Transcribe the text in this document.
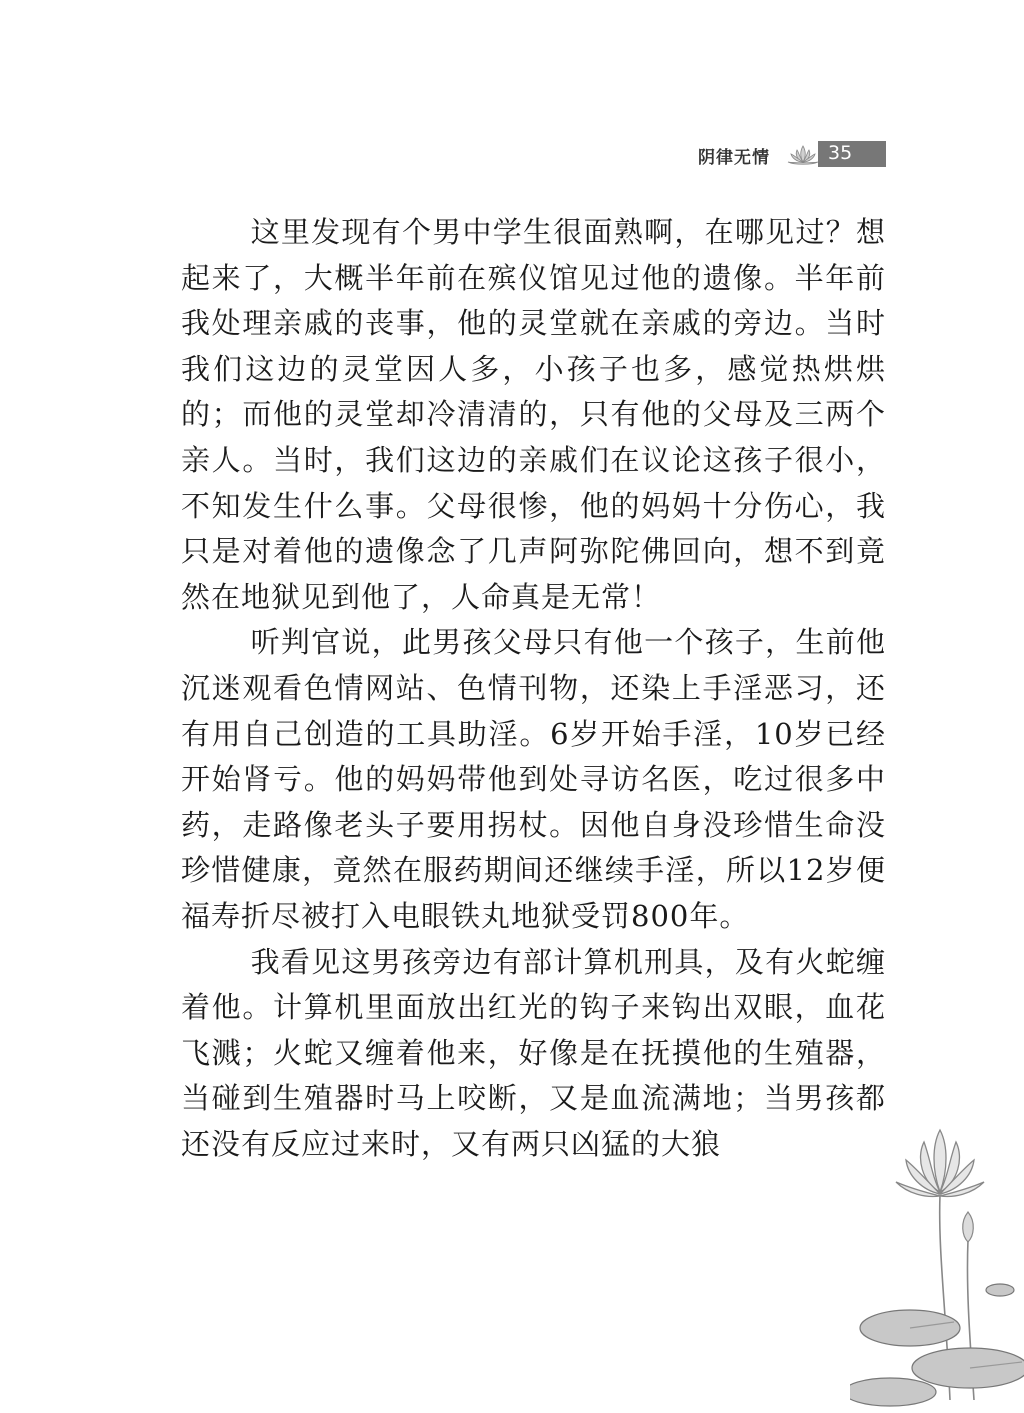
阴律无情	35

这里发现有个男中学生很面熟啊，在哪见过？想起来了，大概半年前在殡仪馆见过他的遗像。半年前我处理亲戚的丧事，他的灵堂就在亲戚的旁边。当时我们这边的灵堂因人多，小孩子也多，感觉热烘烘的；而他的灵堂却冷清清的，只有他的父母及三两个亲人。当时，我们这边的亲戚们在议论这孩子很小，不知发生什么事。父母很惨，他的妈妈十分伤心，我只是对着他的遗像念了几声阿弥陀佛回向，想不到竟然在地狱见到他了，人命真是无常！

听判官说，此男孩父母只有他一个孩子，生前他沉迷观看色情网站、色情刊物，还染上手淫恶习，还有用自己创造的工具助淫。6岁开始手淫，10岁已经开始肾亏。他的妈妈带他到处寻访名医，吃过很多中药，走路像老头子要用拐杖。因他自身没珍惜生命没珍惜健康，竟然在服药期间还继续手淫，所以12岁便福寿折尽被打入电眼铁丸地狱受罚800年。

我看见这男孩旁边有部计算机刑具，及有火蛇缠着他。计算机里面放出红光的钩子来钩出双眼，血花飞溅；火蛇又缠着他来，好像是在抚摸他的生殖器，当碰到生殖器时马上咬断，又是血流满地；当男孩都还没有反应过来时，又有两只凶猛的大狼
